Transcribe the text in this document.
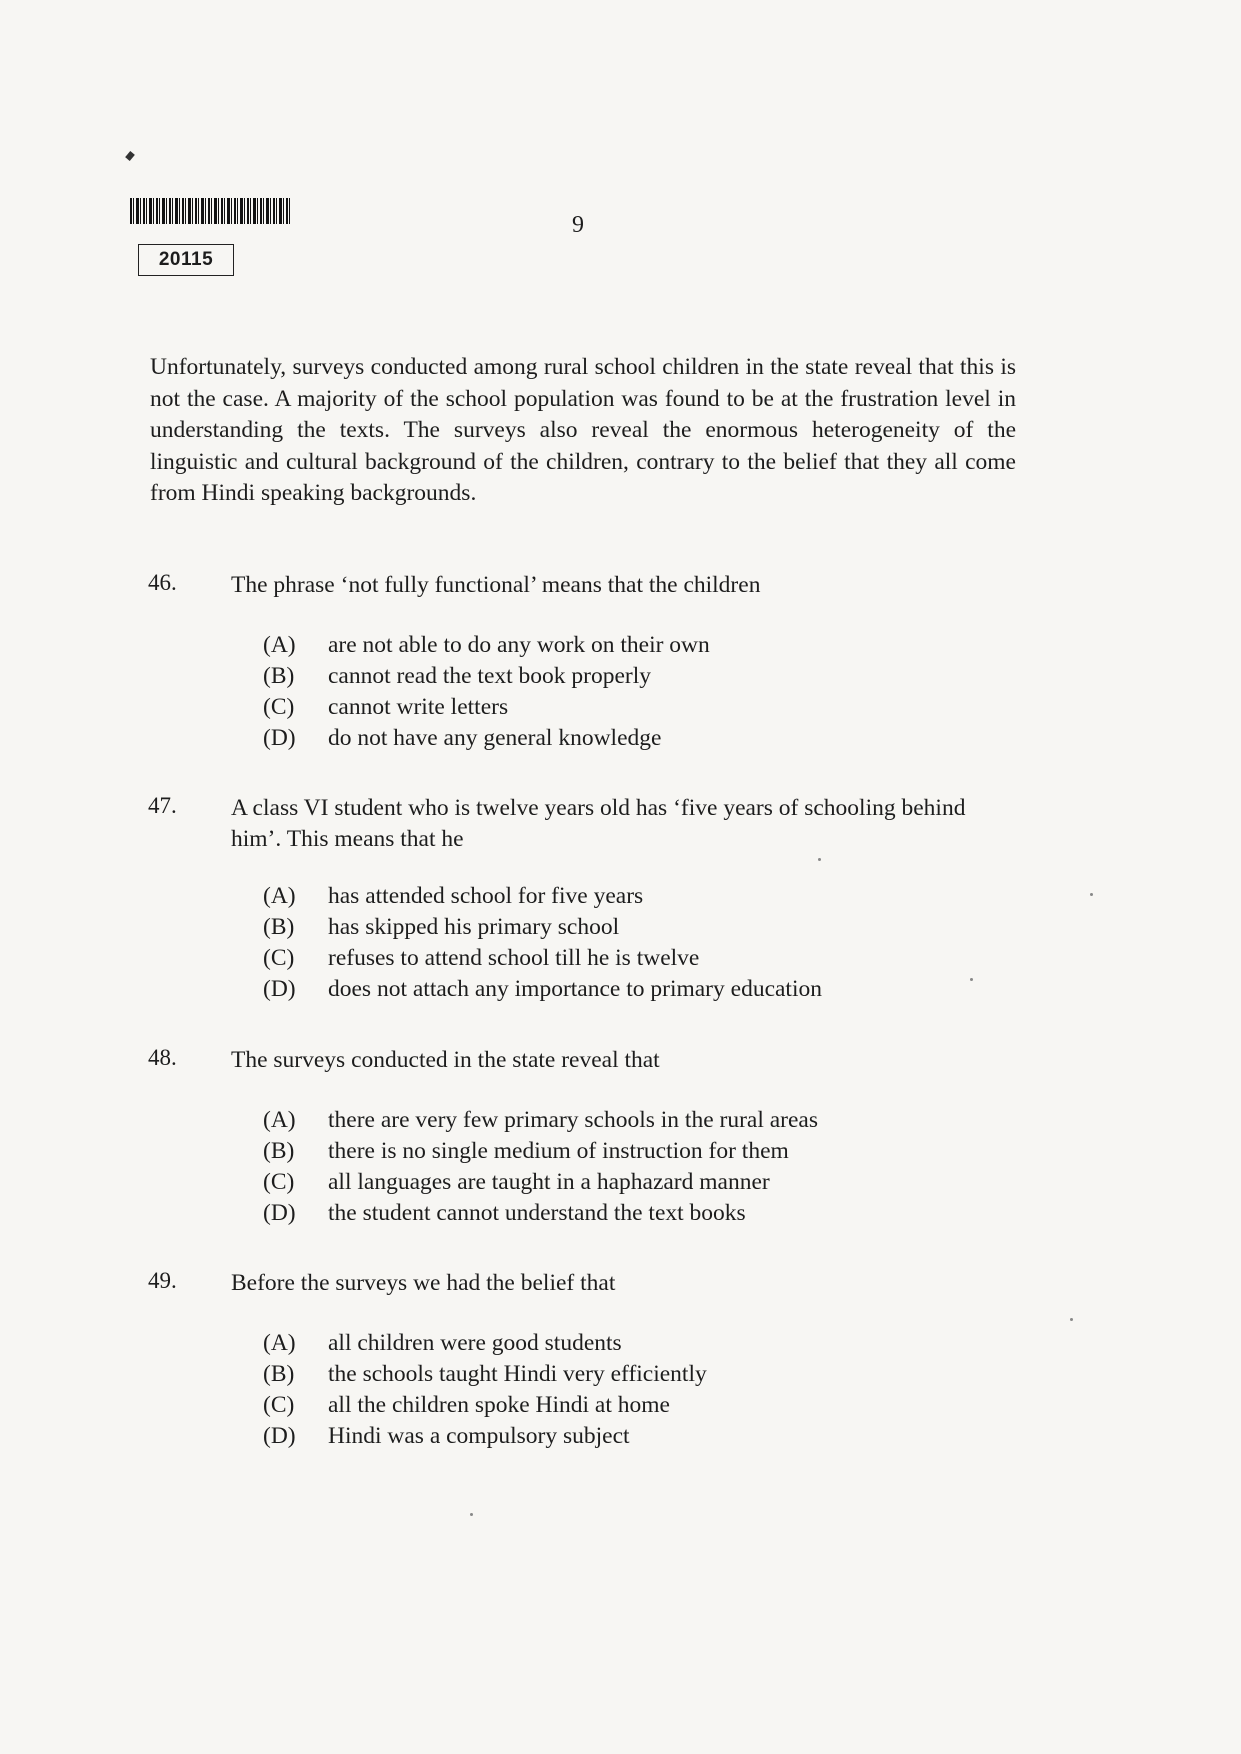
20115
9

Unfortunately, surveys conducted among rural school children in the state reveal that this is not the case. A majority of the school population was found to be at the frustration level in understanding the texts. The surveys also reveal the enormous heterogeneity of the linguistic and cultural background of the children, contrary to the belief that they all come from Hindi speaking backgrounds.

46. The phrase ‘not fully functional’ means that the children

(A) are not able to do any work on their own
(B) cannot read the text book properly
(C) cannot write letters
(D) do not have any general knowledge
47. A class VI student who is twelve years old has ‘five years of schooling behind him’. This means that he

(A) has attended school for five years
(B) has skipped his primary school
(C) refuses to attend school till he is twelve
(D) does not attach any importance to primary education
48. The surveys conducted in the state reveal that

(A) there are very few primary schools in the rural areas
(B) there is no single medium of instruction for them
(C) all languages are taught in a haphazard manner
(D) the student cannot understand the text books
49. Before the surveys we had the belief that

(A) all children were good students
(B) the schools taught Hindi very efficiently
(C) all the children spoke Hindi at home
(D) Hindi was a compulsory subject
